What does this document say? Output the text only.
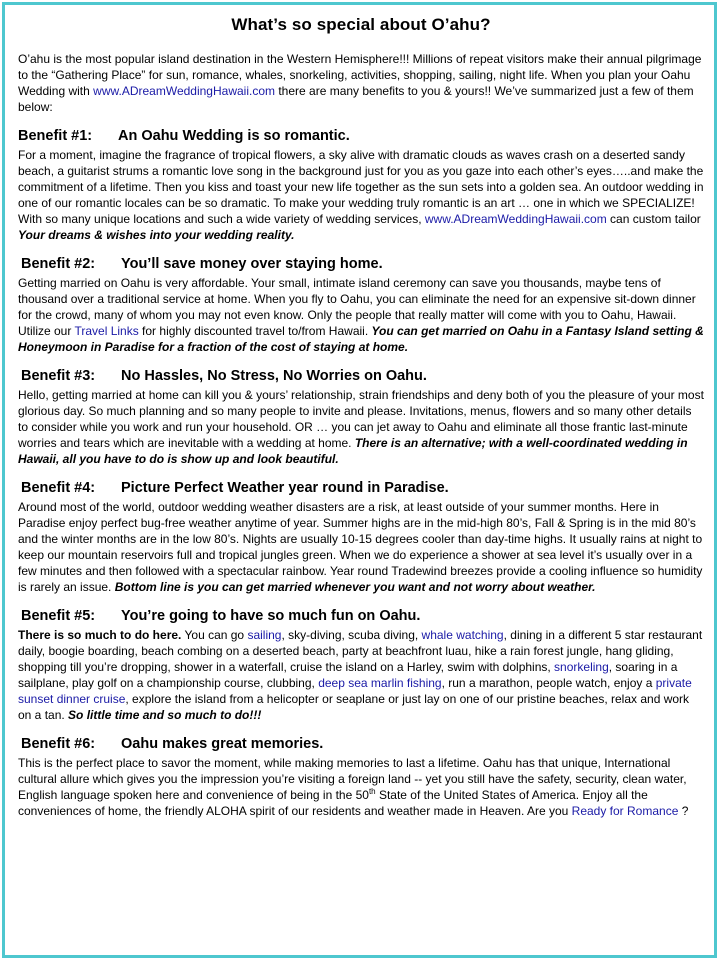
What’s so special about O’ahu?

O’ahu is the most popular island destination in the Western Hemisphere!!! Millions of repeat visitors make their annual pilgrimage to the “Gathering Place” for sun, romance, whales, snorkeling, activities, shopping, sailing, night life. When you plan your Oahu Wedding with www.ADreamWeddingHawaii.com there are many benefits to you & yours!! We’ve summarized just a few of them below:

Benefit #1: An Oahu Wedding is so romantic.

For a moment, imagine the fragrance of tropical flowers, a sky alive with dramatic clouds as waves crash on a deserted sandy beach, a guitarist strums a romantic love song in the background just for you as you gaze into each other’s eyes…..and make the commitment of a lifetime. Then you kiss and toast your new life together as the sun sets into a golden sea. An outdoor wedding in one of our romantic locales can be so dramatic. To make your wedding truly romantic is an art … one in which we SPECIALIZE! With so many unique locations and such a wide variety of wedding services, www.ADreamWeddingHawaii.com can custom tailor Your dreams & wishes into your wedding reality.

Benefit #2: You’ll save money over staying home.

Getting married on Oahu is very affordable. Your small, intimate island ceremony can save you thousands, maybe tens of thousand over a traditional service at home. When you fly to Oahu, you can eliminate the need for an expensive sit-down dinner for the crowd, many of whom you may not even know. Only the people that really matter will come with you to Oahu, Hawaii. Utilize our Travel Links for highly discounted travel to/from Hawaii. You can get married on Oahu in a Fantasy Island setting & Honeymoon in Paradise for a fraction of the cost of staying at home.

Benefit #3: No Hassles, No Stress, No Worries on Oahu.

Hello, getting married at home can kill you & yours’ relationship, strain friendships and deny both of you the pleasure of your most glorious day. So much planning and so many people to invite and please. Invitations, menus, flowers and so many other details to consider while you work and run your household. OR … you can jet away to Oahu and eliminate all those frantic last-minute worries and tears which are inevitable with a wedding at home. There is an alternative; with a well-coordinated wedding in Hawaii, all you have to do is show up and look beautiful.

Benefit #4: Picture Perfect Weather year round in Paradise.

Around most of the world, outdoor wedding weather disasters are a risk, at least outside of your summer months. Here in Paradise enjoy perfect bug-free weather anytime of year. Summer highs are in the mid-high 80’s, Fall & Spring is in the mid 80’s and the winter months are in the low 80’s. Nights are usually 10-15 degrees cooler than day-time highs. It usually rains at night to keep our mountain reservoirs full and tropical jungles green. When we do experience a shower at sea level it’s usually over in a few minutes and then followed with a spectacular rainbow. Year round Tradewind breezes provide a cooling influence so humidity is rarely an issue. Bottom line is you can get married whenever you want and not worry about weather.

Benefit #5: You’re going to have so much fun on Oahu.

There is so much to do here. You can go sailing, sky-diving, scuba diving, whale watching, dining in a different 5 star restaurant daily, boogie boarding, beach combing on a deserted beach, party at beachfront luau, hike a rain forest jungle, hang gliding, shopping till you’re dropping, shower in a waterfall, cruise the island on a Harley, swim with dolphins, snorkeling, soaring in a sailplane, play golf on a championship course, clubbing, deep sea marlin fishing, run a marathon, people watch, enjoy a private sunset dinner cruise, explore the island from a helicopter or seaplane or just lay on one of our pristine beaches, relax and work on a tan. So little time and so much to do!!!

Benefit #6: Oahu makes great memories.

This is the perfect place to savor the moment, while making memories to last a lifetime. Oahu has that unique, International cultural allure which gives you the impression you’re visiting a foreign land -- yet you still have the safety, security, clean water, English language spoken here and convenience of being in the 50th State of the United States of America. Enjoy all the conveniences of home, the friendly ALOHA spirit of our residents and weather made in Heaven. Are you Ready for Romance ?
